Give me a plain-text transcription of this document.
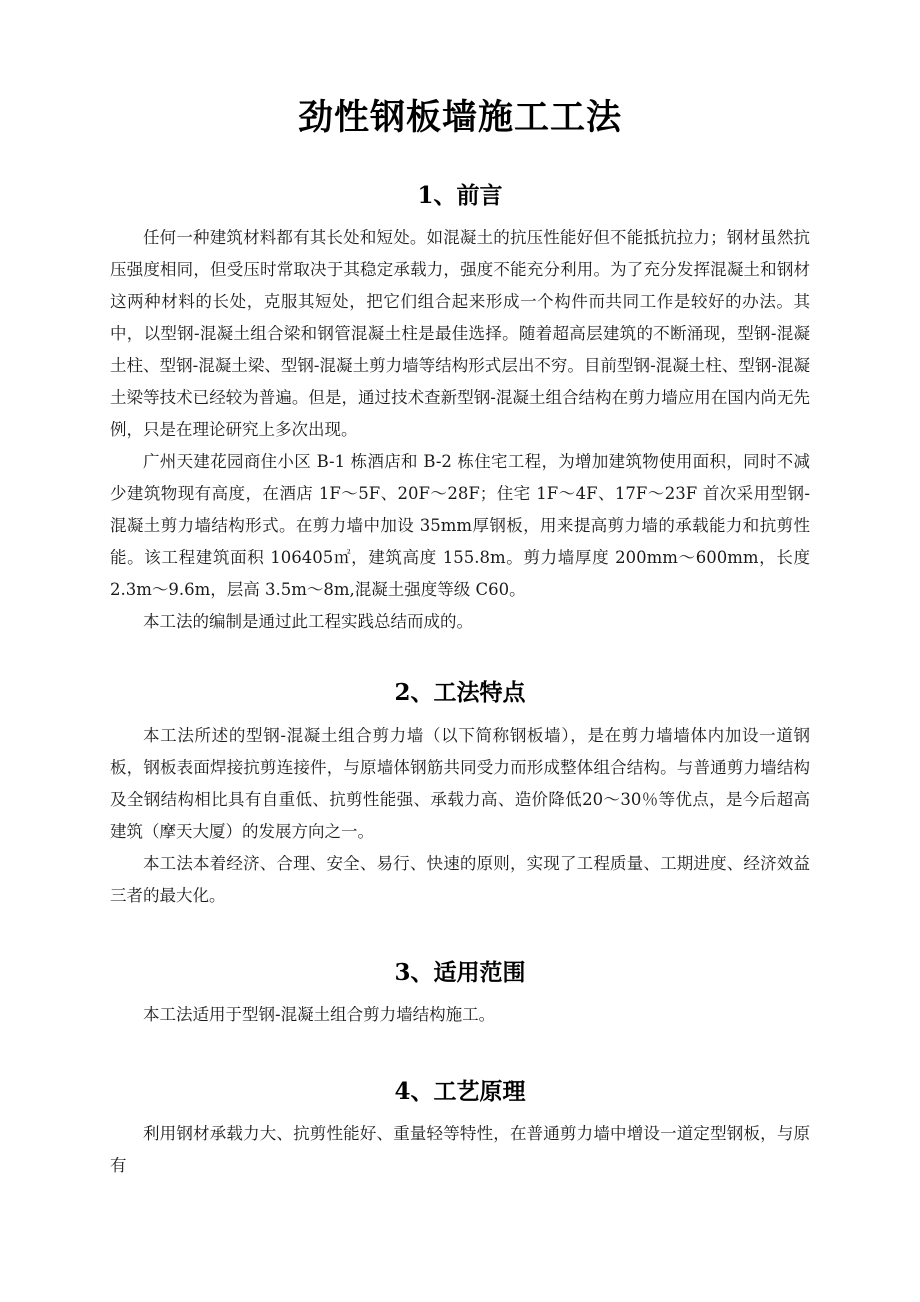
劲性钢板墙施工工法
1、前言

任何一种建筑材料都有其长处和短处。如混凝土的抗压性能好但不能抵抗拉力；钢材虽然抗压强度相同，但受压时常取决于其稳定承载力，强度不能充分利用。为了充分发挥混凝土和钢材这两种材料的长处，克服其短处，把它们组合起来形成一个构件而共同工作是较好的办法。其中，以型钢-混凝土组合梁和钢管混凝土柱是最佳选择。随着超高层建筑的不断涌现，型钢-混凝土柱、型钢-混凝土梁、型钢-混凝土剪力墙等结构形式层出不穷。目前型钢-混凝土柱、型钢-混凝土梁等技术已经较为普遍。但是，通过技术查新型钢-混凝土组合结构在剪力墙应用在国内尚无先例，只是在理论研究上多次出现。

广州天建花园商住小区 B-1 栋酒店和 B-2 栋住宅工程，为增加建筑物使用面积，同时不减少建筑物现有高度，在酒店 1F～5F、20F～28F；住宅 1F～4F、17F～23F 首次采用型钢-混凝土剪力墙结构形式。在剪力墙中加设 35mm厚钢板，用来提高剪力墙的承载能力和抗剪性能。该工程建筑面积 106405㎡，建筑高度 155.8m。剪力墙厚度 200mm～600mm，长度 2.3m～9.6m，层高 3.5m～8m,混凝土强度等级 C60。

本工法的编制是通过此工程实践总结而成的。

2、工法特点

本工法所述的型钢-混凝土组合剪力墙（以下简称钢板墙），是在剪力墙墙体内加设一道钢板，钢板表面焊接抗剪连接件，与原墙体钢筋共同受力而形成整体组合结构。与普通剪力墙结构及全钢结构相比具有自重低、抗剪性能强、承载力高、造价降低20～30％等优点，是今后超高建筑（摩天大厦）的发展方向之一。

本工法本着经济、合理、安全、易行、快速的原则，实现了工程质量、工期进度、经济效益三者的最大化。

3、适用范围

本工法适用于型钢-混凝土组合剪力墙结构施工。

4、工艺原理

利用钢材承载力大、抗剪性能好、重量轻等特性，在普通剪力墙中增设一道定型钢板，与原有
